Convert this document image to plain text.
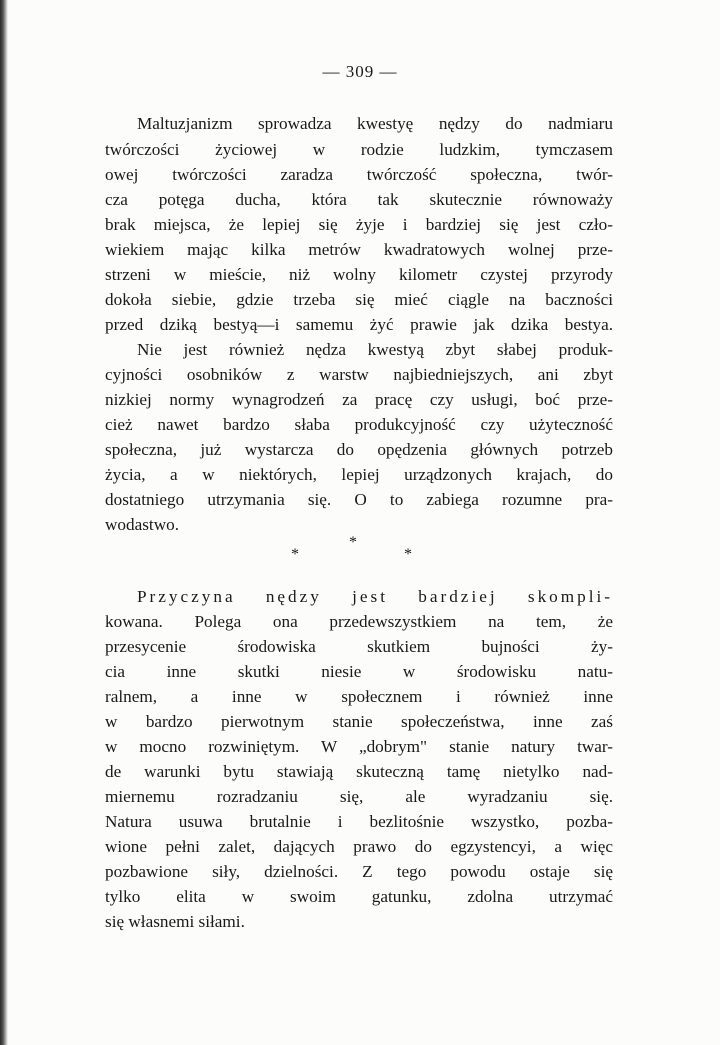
— 309 —
Maltuzjanizm sprowadza kwestyę nędzy do nadmiaru
twórczości życiowej w rodzie ludzkim, tymczasem
owej twórczości zaradza twórczość społeczna, twór-
cza potęga ducha, która tak skutecznie równoważy
brak miejsca, że lepiej się żyje i bardziej się jest czło-
wiekiem mając kilka metrów kwadratowych wolnej prze-
strzeni w mieście, niż wolny kilometr czystej przyrody
dokoła siebie, gdzie trzeba się mieć ciągle na baczności
przed dziką bestyą—i samemu żyć prawie jak dzika bestya.
Nie jest również nędza kwestyą zbyt słabej produk-
cyjności osobników z warstw najbiedniejszych, ani zbyt
nizkiej normy wynagrodzeń za pracę czy usługi, boć prze-
cież nawet bardzo słaba produkcyjność czy użyteczność
społeczna, już wystarcza do opędzenia głównych potrzeb
życia, a w niektórych, lepiej urządzonych krajach, do
dostatniego utrzymania się. O to zabiega rozumne pra-
wodastwo.
*
*	*
Przyczyna nędzy jest bardziej skompli-
kowana. Polega ona przedewszystkiem na tem, że
przesycenie środowiska skutkiem bujności ży-
cia inne skutki niesie w środowisku natu-
ralnem, a inne w społecznem i również inne
w bardzo pierwotnym stanie społeczeństwa, inne zaś
w mocno rozwiniętym. W „dobrym" stanie natury twar-
de warunki bytu stawiają skuteczną tamę nietylko nad-
miernemu rozradzaniu się, ale wyradzaniu się.
Natura usuwa brutalnie i bezlitośnie wszystko, pozba-
wione pełni zalet, dających prawo do egzystencyi, a więc
pozbawione siły, dzielności. Z tego powodu ostaje się
tylko elita w swoim gatunku, zdolna utrzymać
się własnemi siłami.
